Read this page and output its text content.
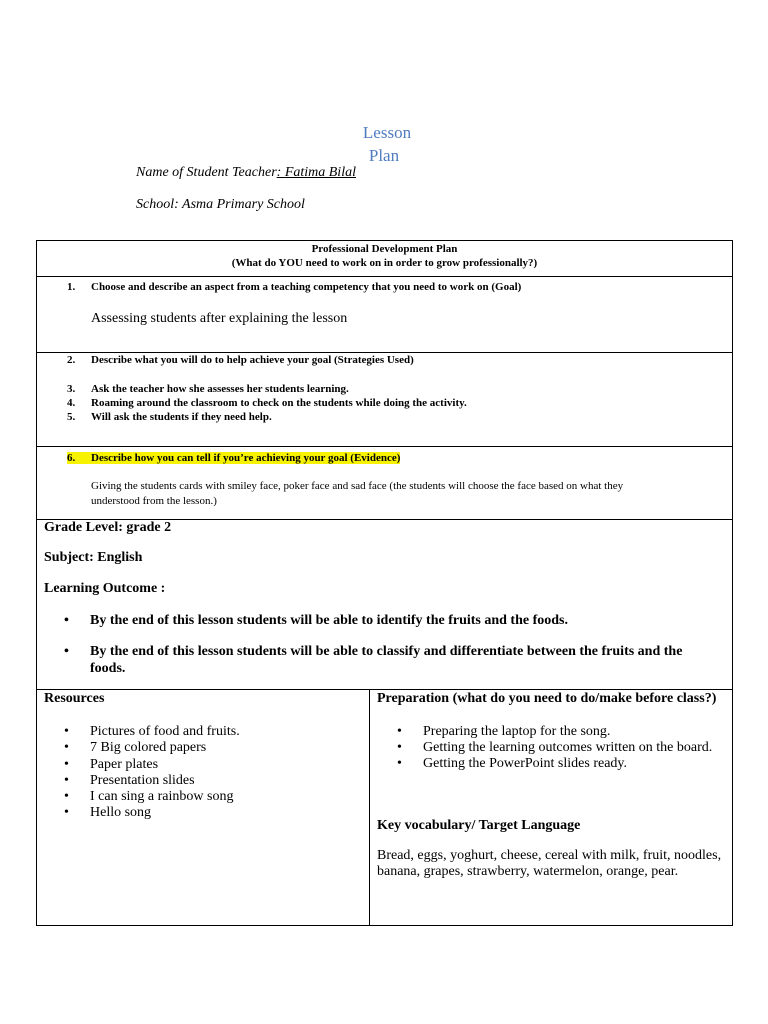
Lesson
Plan
Name of Student Teacher: Fatima Bilal
School: Asma Primary School
Professional Development Plan
(What do YOU need to work on in order to grow professionally?)
1. Choose and describe an aspect from a teaching competency that you need to work on (Goal)
Assessing students after explaining the lesson
2. Describe what you will do to help achieve your goal (Strategies Used)
3. Ask the teacher how she assesses her students learning.
4. Roaming around the classroom to check on the students while doing the activity.
5. Will ask the students if they need help.
6. Describe how you can tell if you’re achieving your goal (Evidence)
Giving the students cards with smiley face, poker face and sad face (the students will choose the face based on what they
understood from the lesson.)
Grade Level: grade 2
Subject: English
Learning Outcome :
• By the end of this lesson students will be able to identify the fruits and the foods.
• By the end of this lesson students will be able to classify and differentiate between the fruits and the foods.
Resources
• Pictures of food and fruits.
• 7 Big colored papers
• Paper plates
• Presentation slides
• I can sing a rainbow song
• Hello song
Preparation (what do you need to do/make before class?)
• Preparing the laptop for the song.
• Getting the learning outcomes written on the board.
• Getting the PowerPoint slides ready.
Key vocabulary/ Target Language
Bread, eggs, yoghurt, cheese, cereal with milk, fruit, noodles, banana, grapes, strawberry, watermelon, orange, pear.
